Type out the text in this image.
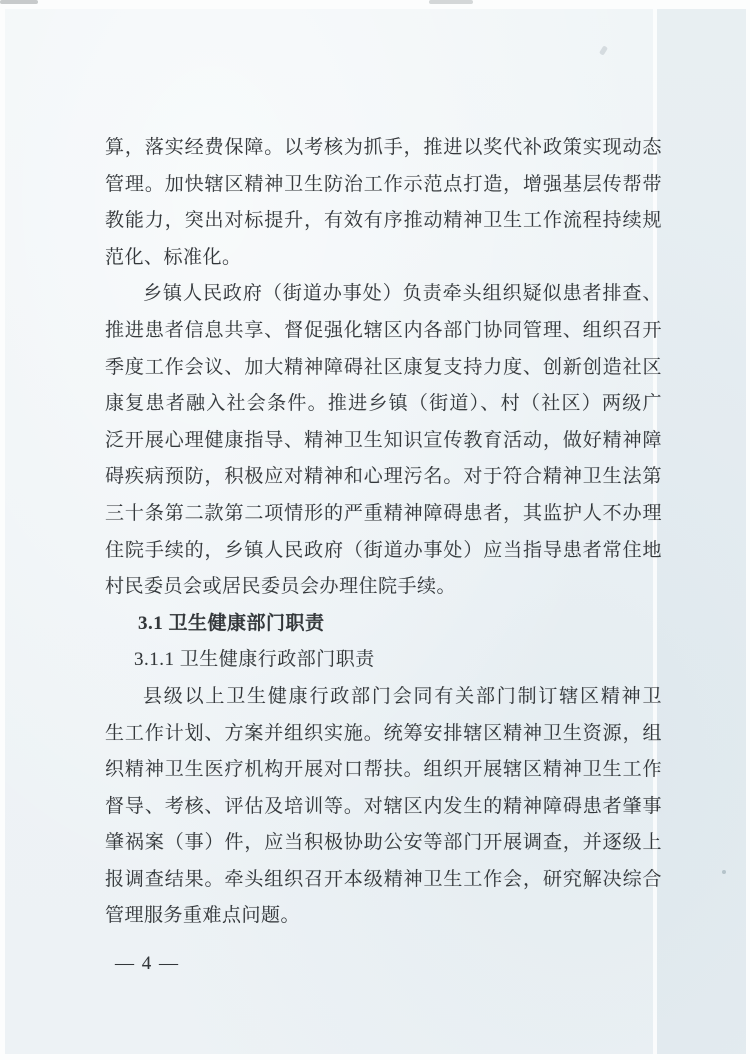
算，落实经费保障。以考核为抓手，推进以奖代补政策实现动态
管理。加快辖区精神卫生防治工作示范点打造，增强基层传帮带
教能力，突出对标提升，有效有序推动精神卫生工作流程持续规
范化、标准化。
乡镇人民政府（街道办事处）负责牵头组织疑似患者排查、
推进患者信息共享、督促强化辖区内各部门协同管理、组织召开
季度工作会议、加大精神障碍社区康复支持力度、创新创造社区
康复患者融入社会条件。推进乡镇（街道）、村（社区）两级广
泛开展心理健康指导、精神卫生知识宣传教育活动，做好精神障
碍疾病预防，积极应对精神和心理污名。对于符合精神卫生法第
三十条第二款第二项情形的严重精神障碍患者，其监护人不办理
住院手续的，乡镇人民政府（街道办事处）应当指导患者常住地
村民委员会或居民委员会办理住院手续。
3.1 卫生健康部门职责
3.1.1 卫生健康行政部门职责
县级以上卫生健康行政部门会同有关部门制订辖区精神卫
生工作计划、方案并组织实施。统筹安排辖区精神卫生资源，组
织精神卫生医疗机构开展对口帮扶。组织开展辖区精神卫生工作
督导、考核、评估及培训等。对辖区内发生的精神障碍患者肇事
肇祸案（事）件，应当积极协助公安等部门开展调查，并逐级上
报调查结果。牵头组织召开本级精神卫生工作会，研究解决综合
管理服务重难点问题。
— 4 —
